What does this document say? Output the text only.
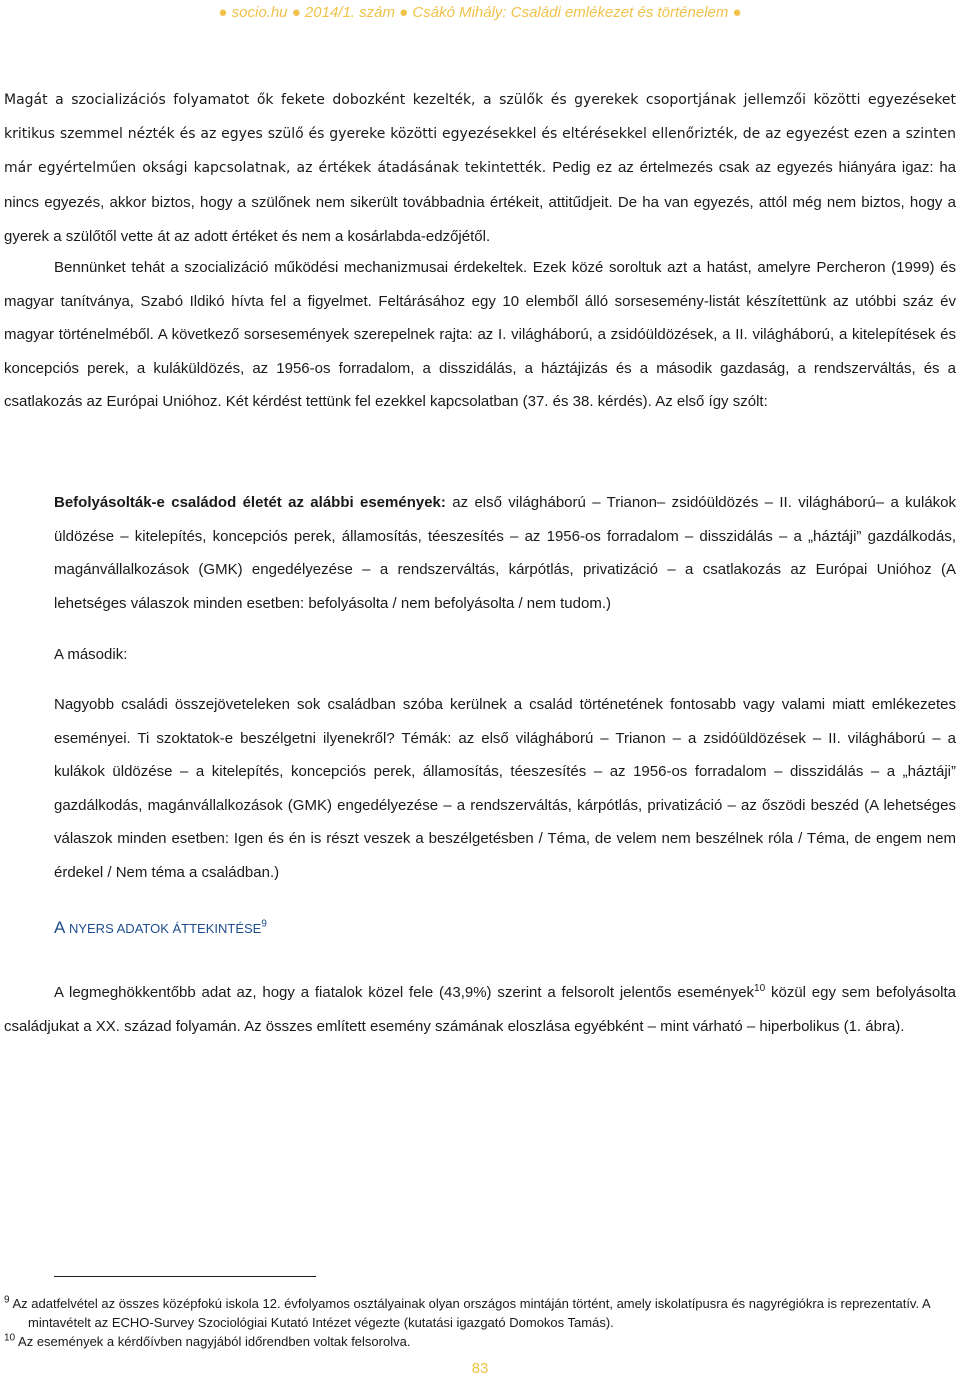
● socio.hu ● 2014/1. szám ● Csákó Mihály: Családi emlékezet és történelem ●

Magát a szocializációs folyamatot ők fekete dobozként kezelték, a szülők és gyerekek csoportjának jellemzői közötti egyezéseket kritikus szemmel nézték és az egyes szülő és gyereke közötti egyezésekkel és eltérésekkel ellenőrizték, de az egyezést ezen a szinten már egyértelműen oksági kapcsolatnak, az értékek átadásának tekintették. Pedig ez az értelmezés csak az egyezés hiányára igaz: ha nincs egyezés, akkor biztos, hogy a szülőnek nem sikerült továbbadnia értékeit, attitűdjeit. De ha van egyezés, attól még nem biztos, hogy a gyerek a szülőtől vette át az adott értéket és nem a kosárlabda-edzőjétől.

Bennünket tehát a szocializáció működési mechanizmusai érdekeltek. Ezek közé soroltuk azt a hatást, amelyre Percheron (1999) és magyar tanítványa, Szabó Ildikó hívta fel a figyelmet. Feltárásához egy 10 elemből álló sorsesemény-listát készítettünk az utóbbi száz év magyar történelméből. A következő sorsesemények szerepelnek rajta: az I. világháború, a zsidóüldözések, a II. világháború, a kitelepítések és koncepciós perek, a kuláküldözés, az 1956-os forradalom, a disszidálás, a háztájizás és a második gazdaság, a rendszerváltás, és a csatlakozás az Európai Unióhoz. Két kérdést tettünk fel ezekkel kapcsolatban (37. és 38. kérdés). Az első így szólt:

Befolyásolták-e családod életét az alábbi események: az első világháború – Trianon– zsidóüldözés – II. világháború– a kulákok üldözése – kitelepítés, koncepciós perek, államosítás, téeszesítés – az 1956-os forradalom – disszidálás – a „háztáji” gazdálkodás, magánvállalkozások (GMK) engedélyezése – a rendszerváltás, kárpótlás, privatizáció – a csatlakozás az Európai Unióhoz (A lehetséges válaszok minden esetben: befolyásolta / nem befolyásolta / nem tudom.)

A második:

Nagyobb családi összejöveteleken sok családban szóba kerülnek a család történetének fontosabb vagy valami miatt emlékezetes eseményei. Ti szoktatok-e beszélgetni ilyenekről? Témák: az első világháború – Trianon – a zsidóüldözések – II. világháború – a kulákok üldözése – a kitelepítés, koncepciós perek, államosítás, téeszesítés – az 1956-os forradalom – disszidálás – a „háztáji” gazdálkodás, magánvállalkozások (GMK) engedélyezése – a rendszerváltás, kárpótlás, privatizáció – az őszödi beszéd (A lehetséges válaszok minden esetben: Igen és én is részt veszek a beszélgetésben / Téma, de velem nem beszélnek róla / Téma, de engem nem érdekel / Nem téma a családban.)

A NYERS ADATOK ÁTTEKINTÉSE$^9$

A legmeghökkentőbb adat az, hogy a fiatalok közel fele (43,9%) szerint a felsorolt jelentős események$^{10}$ közül egy sem befolyásolta családjukat a XX. század folyamán. Az összes említett esemény számának eloszlása egyébként – mint várható – hiperbolikus (1. ábra).

$^9$ Az adatfelvétel az összes középfokú iskola 12. évfolyamos osztályainak olyan országos mintáján történt, amely iskolatípusra és nagyrégiókra is reprezentatív. A mintavételt az ECHO-Survey Szociológiai Kutató Intézet végezte (kutatási igazgató Domokos Tamás).

$^{10}$ Az események a kérdőívben nagyjából időrendben voltak felsorolva.

83
